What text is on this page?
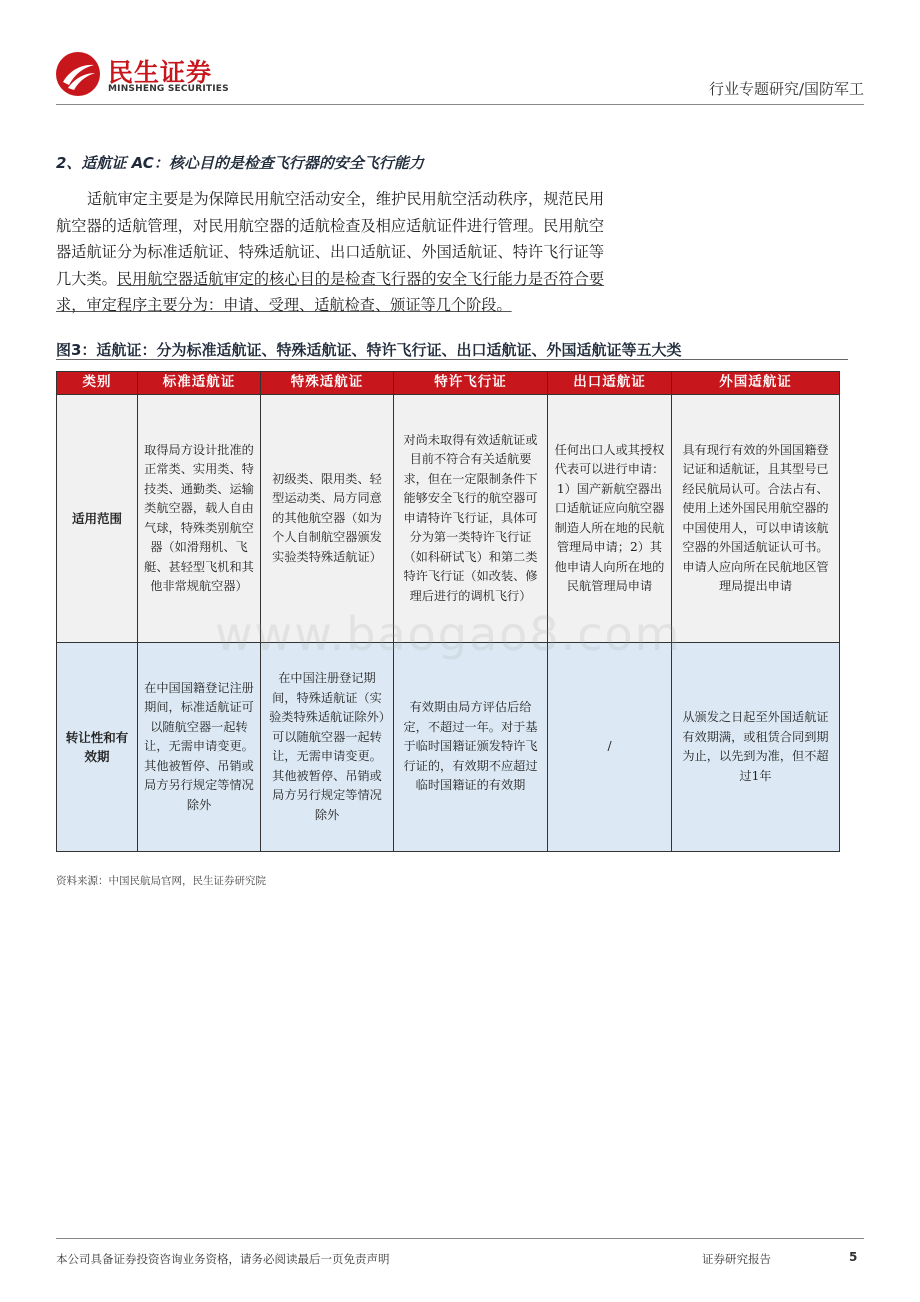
民生证券
MINSHENG SECURITIES	行业专题研究/国防军工
2、适航证 AC：核心目的是检查飞行器的安全飞行能力

适航审定主要是为保障民用航空活动安全，维护民用航空活动秩序，规范民用航空器的适航管理，对民用航空器的适航检查及相应适航证件进行管理。民用航空器适航证分为标准适航证、特殊适航证、出口适航证、外国适航证、特许飞行证等几大类。民用航空器适航审定的核心目的是检查飞行器的安全飞行能力是否符合要求，审定程序主要分为：申请、受理、适航检查、颁证等几个阶段。

图3：适航证：分为标准适航证、特殊适航证、特许飞行证、出口适航证、外国适航证等五大类
类别	标准适航证	特殊适航证	特许飞行证	出口适航证	外国适航证
适用范围	取得局方设计批准的正常类、实用类、特技类、通勤类、运输类航空器，载人自由气球，特殊类别航空器（如滑翔机、飞艇、甚轻型飞机和其他非常规航空器）	初级类、限用类、轻型运动类、局方同意的其他航空器（如为个人自制航空器颁发实验类特殊适航证）	对尚未取得有效适航证或目前不符合有关适航要求，但在一定限制条件下能够安全飞行的航空器可申请特许飞行证，具体可分为第一类特许飞行证（如科研试飞）和第二类特许飞行证（如改装、修理后进行的调机飞行）	任何出口人或其授权代表可以进行申请：1）国产新航空器出口适航证应向航空器制造人所在地的民航管理局申请；2）其他申请人向所在地的民航管理局申请	具有现行有效的外国国籍登记证和适航证，且其型号已经民航局认可。合法占有、使用上述外国民用航空器的中国使用人，可以申请该航空器的外国适航证认可书。申请人应向所在民航地区管理局提出申请
转让性和有效期	在中国国籍登记注册期间，标准适航证可以随航空器一起转让，无需申请变更。其他被暂停、吊销或局方另行规定等情况除外	在中国注册登记期间，特殊适航证（实验类特殊适航证除外）可以随航空器一起转让，无需申请变更。其他被暂停、吊销或局方另行规定等情况除外	有效期由局方评估后给定，不超过一年。对于基于临时国籍证颁发特许飞行证的，有效期不应超过临时国籍证的有效期	/	从颁发之日起至外国适航证有效期满，或租赁合同到期为止，以先到为准，但不超过1年
www.baogao8.com
资料来源：中国民航局官网，民生证券研究院
本公司具备证券投资咨询业务资格，请务必阅读最后一页免责声明	证券研究报告	5
